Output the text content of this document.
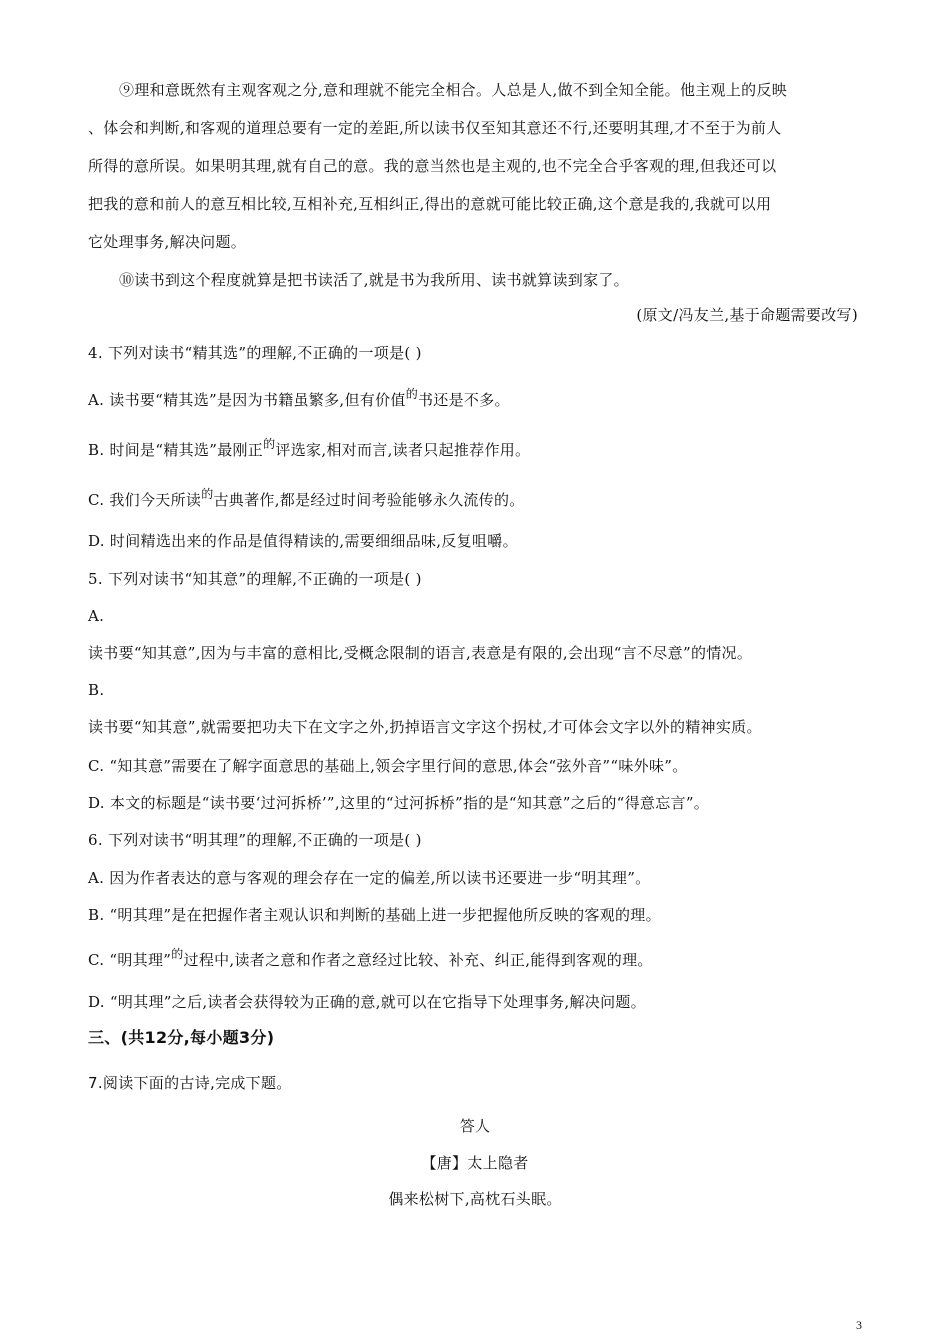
⑨理和意既然有主观客观之分,意和理就不能完全相合。人总是人,做不到全知全能。他主观上的反映
、体会和判断,和客观的道理总要有一定的差距,所以读书仅至知其意还不行,还要明其理,才不至于为前人
所得的意所误。如果明其理,就有自己的意。我的意当然也是主观的,也不完全合乎客观的理,但我还可以
把我的意和前人的意互相比较,互相补充,互相纠正,得出的意就可能比较正确,这个意是我的,我就可以用
它处理事务,解决问题。
⑩读书到这个程度就算是把书读活了,就是书为我所用、读书就算读到家了。
(原文/冯友兰,基于命题需要改写)
4. 下列对读书“精其选”的理解,不正确的一项是( )
A. 读书要“精其选”是因为书籍虽繁多,但有价值$^的$书还是不多。
B. 时间是“精其选”最刚正$^的$评选家,相对而言,读者只起推荐作用。
C. 我们今天所读$^的$古典著作,都是经过时间考验能够永久流传的。
D. 时间精选出来的作品是值得精读的,需要细细品味,反复咀嚼。
5. 下列对读书“知其意”的理解,不正确的一项是( )
A.
读书要“知其意”,因为与丰富的意相比,受概念限制的语言,表意是有限的,会出现“言不尽意”的情况。
B.
读书要“知其意”,就需要把功夫下在文字之外,扔掉语言文字这个拐杖,才可体会文字以外的精神实质。
C. “知其意”需要在了解字面意思的基础上,领会字里行间的意思,体会“弦外音”“味外味”。
D. 本文的标题是“读书要‘过河拆桥’”,这里的“过河拆桥”指的是“知其意”之后的“得意忘言”。
6. 下列对读书“明其理”的理解,不正确的一项是( )
A. 因为作者表达的意与客观的理会存在一定的偏差,所以读书还要进一步“明其理”。
B. “明其理”是在把握作者主观认识和判断的基础上进一步把握他所反映的客观的理。
C. “明其理”$^的$过程中,读者之意和作者之意经过比较、补充、纠正,能得到客观的理。
D. “明其理”之后,读者会获得较为正确的意,就可以在它指导下处理事务,解决问题。
三、(共12分,每小题3分)
7.阅读下面的古诗,完成下题。
答人
【唐】太上隐者
偶来松树下,高枕石头眠。
3
